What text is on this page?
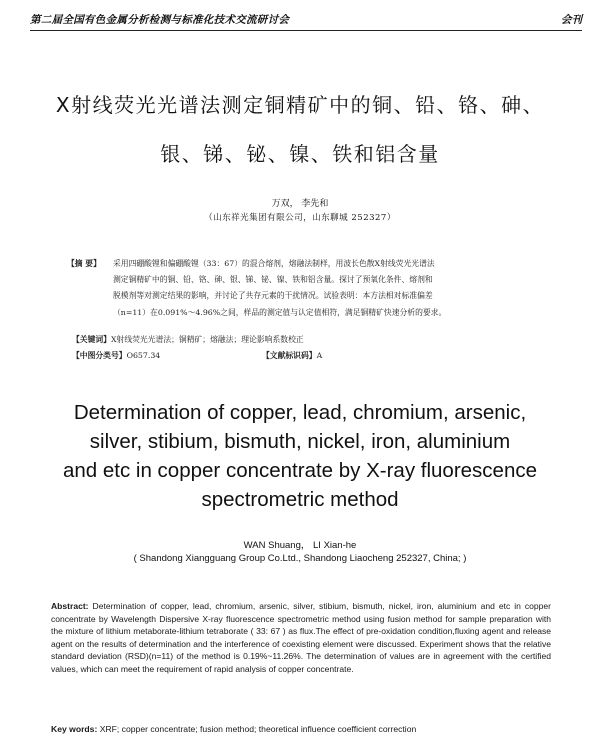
第二届全国有色金属分析检测与标准化技术交流研讨会	会刊
X射线荧光光谱法测定铜精矿中的铜、铅、铬、砷、
银、锑、铋、镍、铁和铝含量
万双， 李先和
（山东祥光集团有限公司，山东聊城 252327）
【摘 要】 采用四硼酸锂和偏硼酸锂（33：67）的混合熔剂，熔融法制样，用波长色散X射线荧光光谱法
测定铜精矿中的铜、铅、铬、砷、银、锑、铋、镍、铁和铝含量。探讨了预氧化条件、熔剂和
脱模剂等对测定结果的影响，并讨论了共存元素的干扰情况。试验表明：本方法相对标准偏差
（n=11）在0.091%～4.96%之间，样品的测定值与认定值相符，满足铜精矿快速分析的要求。
【关键词】X射线荧光光谱法；铜精矿；熔融法；理论影响系数校正
【中图分类号】O657.34	【文献标识码】A
Determination of copper, lead, chromium, arsenic,
silver, stibium, bismuth, nickel, iron, aluminium
and etc in copper concentrate by X-ray fluorescence
spectrometric method
WAN Shuang， LI Xian-he
( Shandong Xiangguang Group Co.Ltd., Shandong Liaocheng 252327, China; )
Abstract: Determination of copper, lead, chromium, arsenic, silver, stibium, bismuth, nickel, iron, aluminium and etc in copper concentrate by Wavelength Dispersive X-ray fluorescence spectrometric method using fusion method for sample preparation with the mixture of lithium metaborate-lithium tetraborate ( 33: 67 ) as flux.The effect of pre-oxidation condition,fluxing agent and release agent on the results of determination and the interference of coexisting element were discussed. Experiment shows that the relative standard deviation (RSD)(n=11) of the method is 0.19%~11.26%. The determination of values are in agreement with the certified values, which can meet the requirement of rapid analysis of copper concentrate.
Key words: XRF; copper concentrate; fusion method; theoretical influence coefficient correction
